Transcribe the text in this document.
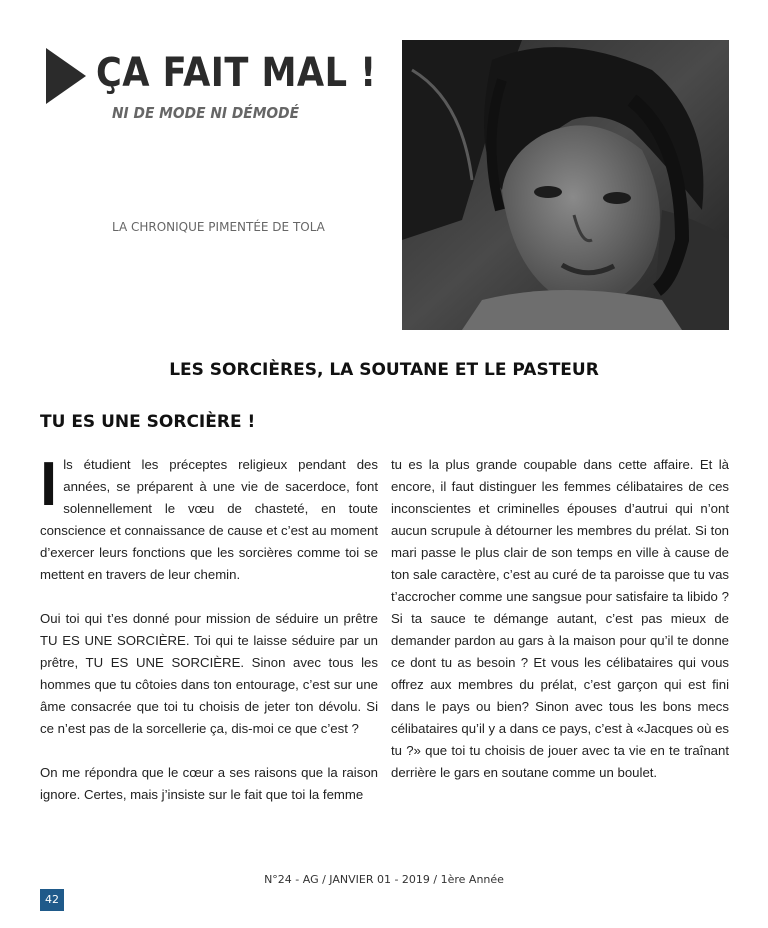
ÇA FAIT MAL !
NI DE MODE NI DÉMODÉ
LA CHRONIQUE PIMENTÉE DE TOLA
LES SORCIÈRES, LA SOUTANE ET LE PASTEUR
TU ES UNE SORCIÈRE !

Ils étudient les préceptes religieux pendant des années, se préparent à une vie de sacerdoce, font solennellement le vœu de chasteté, en toute conscience et connaissance de cause et c’est au moment d’exercer leurs fonctions que les sorcières comme toi se mettent en travers de leur chemin.

Oui toi qui t’es donné pour mission de séduire un prêtre TU ES UNE SORCIÈRE. Toi qui te laisse séduire par un prêtre, TU ES UNE SORCIÈRE. Sinon avec tous les hommes que tu côtoies dans ton entourage, c’est sur une âme consacrée que toi tu choisis de jeter ton dévolu. Si ce n’est pas de la sorcellerie ça, dis-moi ce que c’est ?

On me répondra que le cœur a ses raisons que la raison ignore. Certes, mais j’insiste sur le fait que toi la femme

tu es la plus grande coupable dans cette affaire. Et là encore, il faut distinguer les femmes célibataires de ces inconscientes et criminelles épouses d’autrui qui n’ont aucun scrupule à détourner les membres du prélat. Si ton mari passe le plus clair de son temps en ville à cause de ton sale caractère, c’est au curé de ta paroisse que tu vas t’accrocher comme une sangsue pour satisfaire ta libido ? Si ta sauce te démange autant, c’est pas mieux de demander pardon au gars à la maison pour qu’il te donne ce dont tu as besoin ? Et vous les célibataires qui vous offrez aux membres du prélat, c’est garçon qui est fini dans le pays ou bien? Sinon avec tous les bons mecs célibataires qu’il y a dans ce pays, c’est à «Jacques où es tu ?» que toi tu choisis de jouer avec ta vie en te traînant derrière le gars en soutane comme un boulet.

N°24 - AG / JANVIER 01 - 2019 / 1ère Année
42
